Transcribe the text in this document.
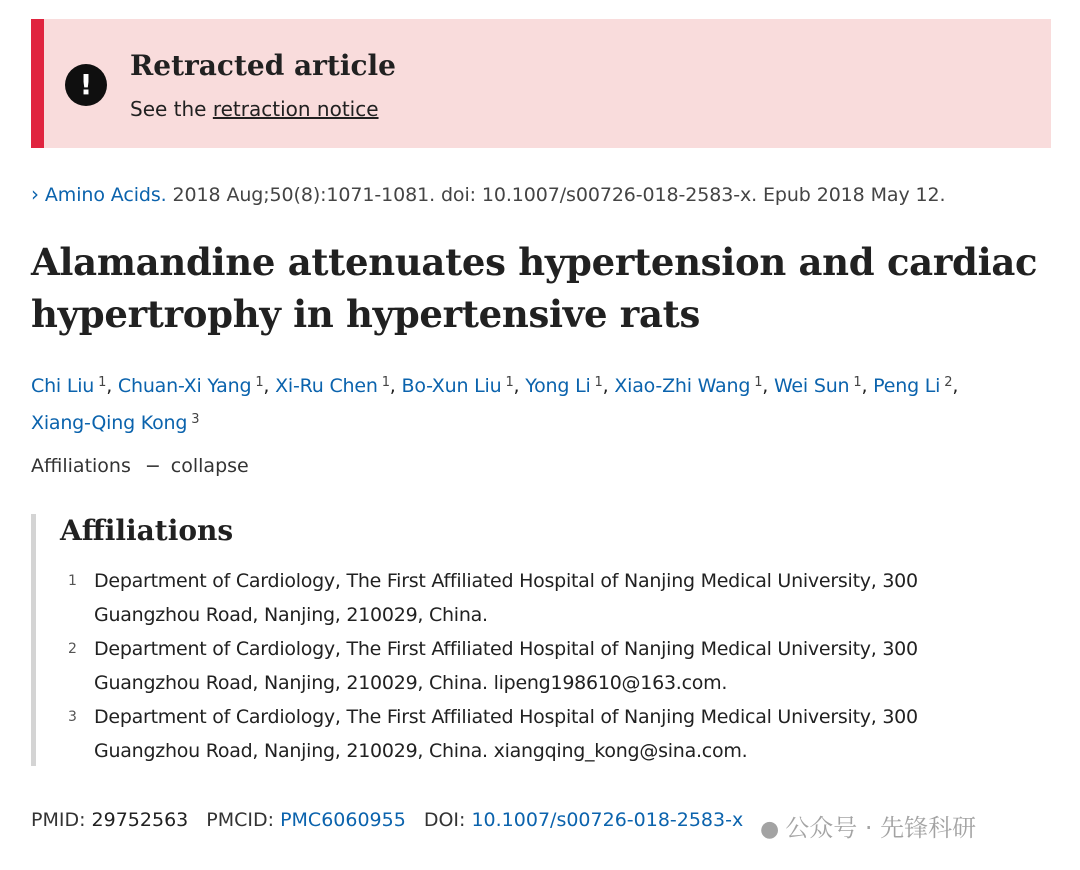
!
Retracted article
See the retraction notice
› Amino Acids. 2018 Aug;50(8):1071-1081. doi: 10.1007/s00726-018-2583-x. Epub 2018 May 12.
Alamandine attenuates hypertension and cardiac hypertrophy in hypertensive rats
Chi Liu $^1$, Chuan-Xi Yang $^1$, Xi-Ru Chen $^1$, Bo-Xun Liu $^1$, Yong Li $^1$, Xiao-Zhi Wang $^1$, Wei Sun $^1$, Peng Li $^2$, Xiang-Qing Kong $^3$
Affiliations − collapse
Affiliations
1 Department of Cardiology, The First Affiliated Hospital of Nanjing Medical University, 300 Guangzhou Road, Nanjing, 210029, China.
2 Department of Cardiology, The First Affiliated Hospital of Nanjing Medical University, 300 Guangzhou Road, Nanjing, 210029, China. lipeng198610@163.com.
3 Department of Cardiology, The First Affiliated Hospital of Nanjing Medical University, 300 Guangzhou Road, Nanjing, 210029, China. xiangqing_kong@sina.com.
PMID: 29752563 PMCID: PMC6060955 DOI: 10.1007/s00726-018-2583-x ● 公众号 · 先锋科研
